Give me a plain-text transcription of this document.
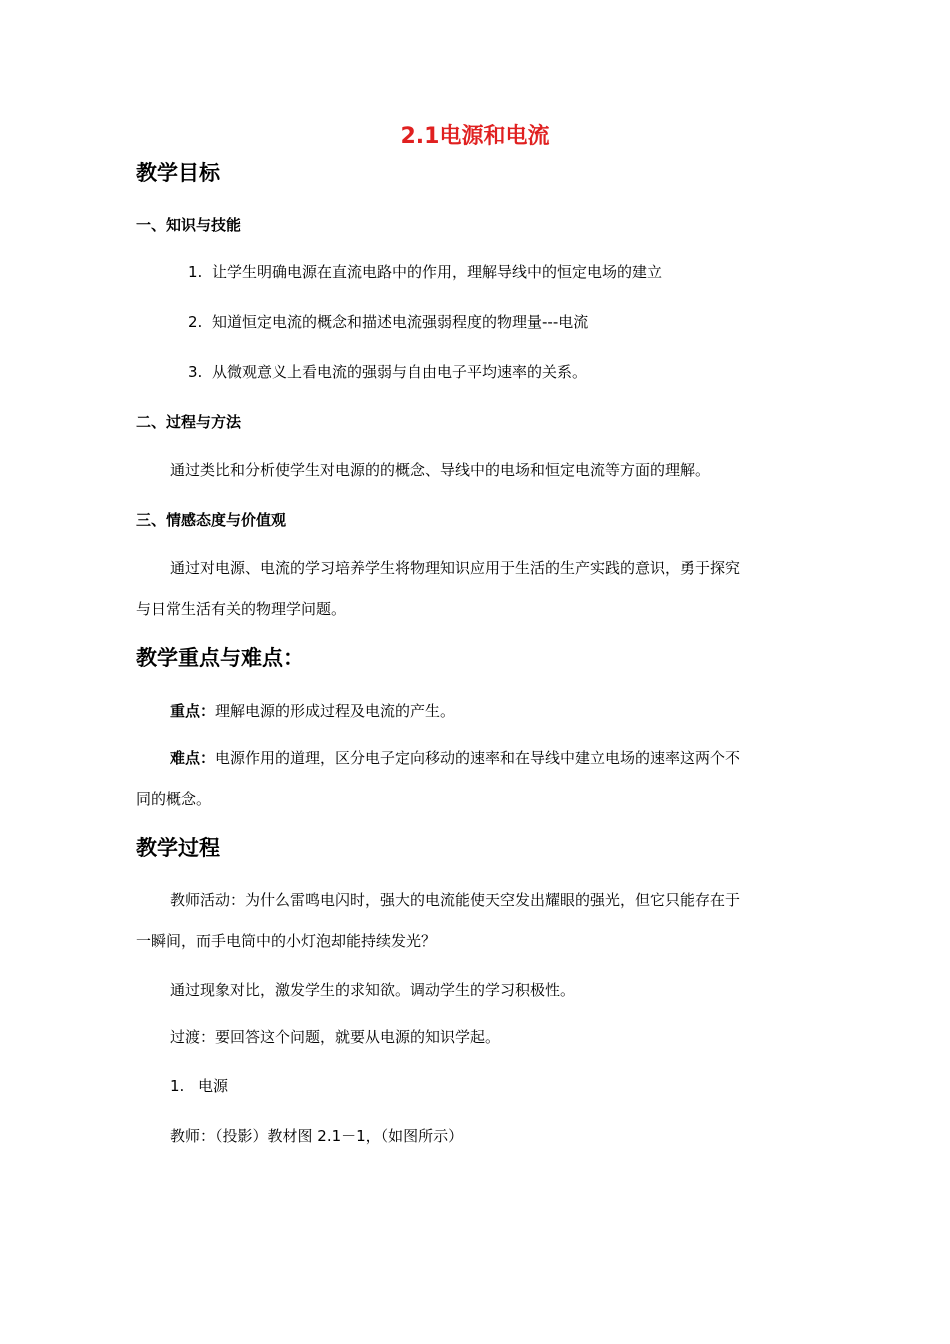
2.1电源和电流
教学目标
一、知识与技能
1. 让学生明确电源在直流电路中的作用，理解导线中的恒定电场的建立
2. 知道恒定电流的概念和描述电流强弱程度的物理量---电流
3. 从微观意义上看电流的强弱与自由电子平均速率的关系。
二、过程与方法
通过类比和分析使学生对电源的的概念、导线中的电场和恒定电流等方面的理解。
三、情感态度与价值观
通过对电源、电流的学习培养学生将物理知识应用于生活的生产实践的意识，勇于探究
与日常生活有关的物理学问题。
教学重点与难点：
重点：理解电源的形成过程及电流的产生。
难点：电源作用的道理，区分电子定向移动的速率和在导线中建立电场的速率这两个不
同的概念。
教学过程
教师活动：为什么雷鸣电闪时，强大的电流能使天空发出耀眼的强光，但它只能存在于
一瞬间，而手电筒中的小灯泡却能持续发光？
通过现象对比，激发学生的求知欲。调动学生的学习积极性。
过渡：要回答这个问题，就要从电源的知识学起。
1. 电源
教师：（投影）教材图 2.1－1，（如图所示）
